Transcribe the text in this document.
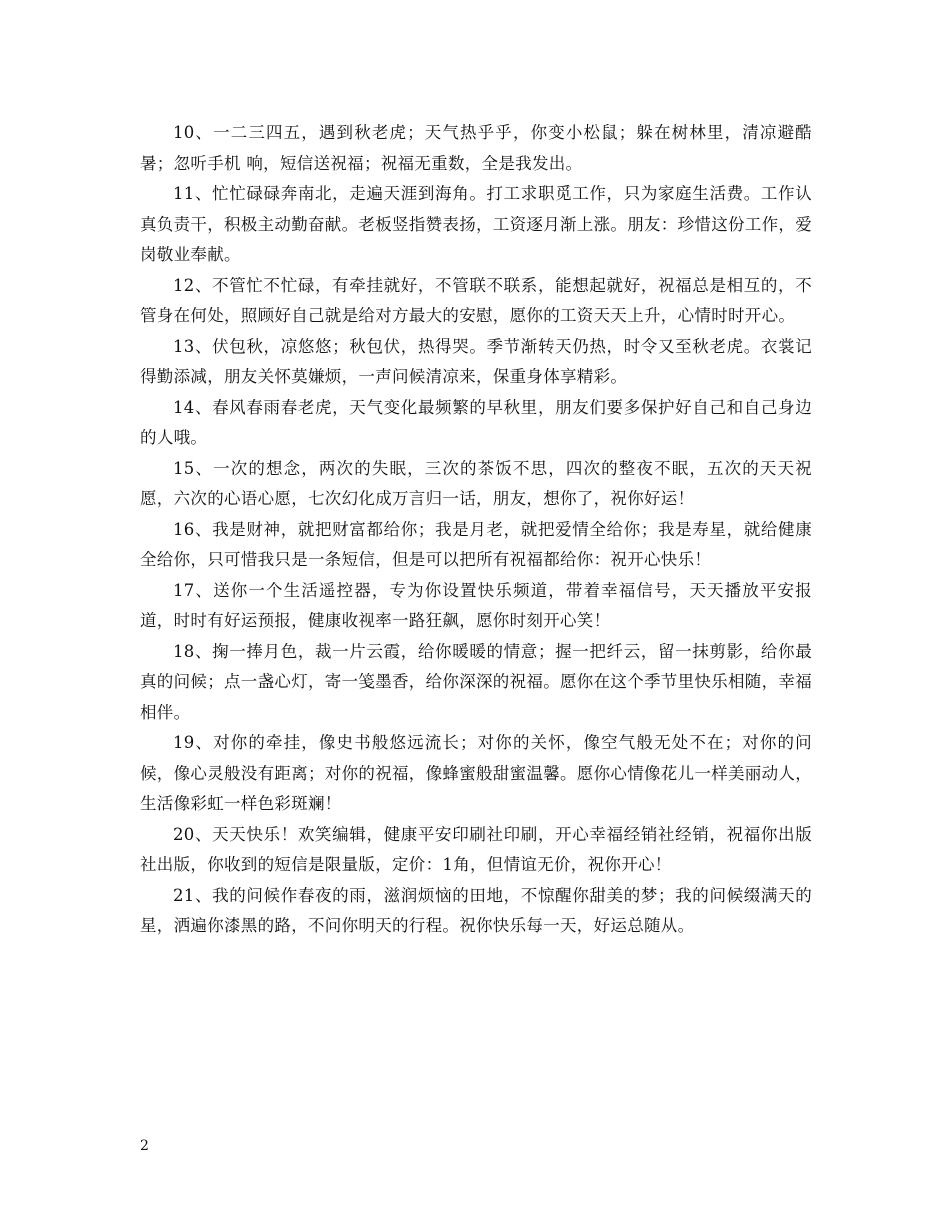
10、一二三四五，遇到秋老虎；天气热乎乎，你变小松鼠；躲在树林里，清凉避酷暑；忽听手机 响，短信送祝福；祝福无重数，全是我发出。

11、忙忙碌碌奔南北，走遍天涯到海角。打工求职觅工作，只为家庭生活费。工作认真负责干，积极主动勤奋献。老板竖指赞表扬，工资逐月渐上涨。朋友：珍惜这份工作，爱岗敬业奉献。

12、不管忙不忙碌，有牵挂就好，不管联不联系，能想起就好，祝福总是相互的，不管身在何处，照顾好自己就是给对方最大的安慰，愿你的工资天天上升，心情时时开心。

13、伏包秋，凉悠悠；秋包伏，热得哭。季节渐转天仍热，时令又至秋老虎。衣裳记得勤添减，朋友关怀莫嫌烦，一声问候清凉来，保重身体享精彩。

14、春风春雨春老虎，天气变化最频繁的早秋里，朋友们要多保护好自己和自己身边的人哦。

15、一次的想念，两次的失眠，三次的茶饭不思，四次的整夜不眠，五次的天天祝愿，六次的心语心愿，七次幻化成万言归一话，朋友，想你了，祝你好运！

16、我是财神，就把财富都给你；我是月老，就把爱情全给你；我是寿星，就给健康全给你，只可惜我只是一条短信，但是可以把所有祝福都给你：祝开心快乐！

17、送你一个生活遥控器，专为你设置快乐频道，带着幸福信号，天天播放平安报道，时时有好运预报，健康收视率一路狂飙，愿你时刻开心笑！

18、掬一捧月色，裁一片云霞，给你暖暖的情意；握一把纤云，留一抹剪影，给你最真的问候；点一盏心灯，寄一笺墨香，给你深深的祝福。愿你在这个季节里快乐相随，幸福相伴。

19、对你的牵挂，像史书般悠远流长；对你的关怀，像空气般无处不在；对你的问候，像心灵般没有距离；对你的祝福，像蜂蜜般甜蜜温馨。愿你心情像花儿一样美丽动人，生活像彩虹一样色彩斑斓！

20、天天快乐！欢笑编辑，健康平安印刷社印刷，开心幸福经销社经销，祝福你出版社出版，你收到的短信是限量版，定价：1角，但情谊无价，祝你开心！

21、我的问候作春夜的雨，滋润烦恼的田地，不惊醒你甜美的梦；我的问候缀满天的星，洒遍你漆黑的路，不问你明天的行程。祝你快乐每一天，好运总随从。

2
